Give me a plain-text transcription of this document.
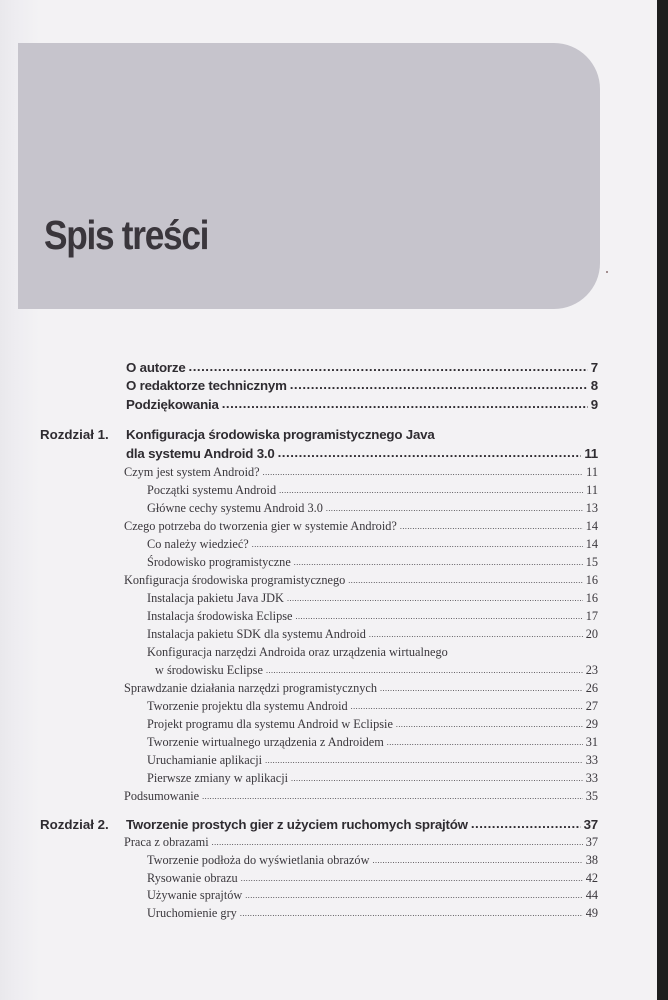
Spis treści
O autorze .....	7
O redaktorze technicznym .....	8
Podziękowania .....	9
Rozdział 1. Konfiguracja środowiska programistycznego Java
dla systemu Android 3.0 .....	11
Czym jest system Android? .....	11
Początki systemu Android .....	11
Główne cechy systemu Android 3.0 .....	13
Czego potrzeba do tworzenia gier w systemie Android? .....	14
Co należy wiedzieć? .....	14
Środowisko programistyczne .....	15
Konfiguracja środowiska programistycznego .....	16
Instalacja pakietu Java JDK .....	16
Instalacja środowiska Eclipse .....	17
Instalacja pakietu SDK dla systemu Android .....	20
Konfiguracja narzędzi Androida oraz urządzenia wirtualnego
w środowisku Eclipse .....	23
Sprawdzanie działania narzędzi programistycznych .....	26
Tworzenie projektu dla systemu Android .....	27
Projekt programu dla systemu Android w Eclipsie .....	29
Tworzenie wirtualnego urządzenia z Androidem .....	31
Uruchamianie aplikacji .....	33
Pierwsze zmiany w aplikacji .....	33
Podsumowanie .....	35
Rozdział 2. Tworzenie prostych gier z użyciem ruchomych sprajtów .....	37
Praca z obrazami .....	37
Tworzenie podłoża do wyświetlania obrazów .....	38
Rysowanie obrazu .....	42
Używanie sprajtów .....	44
Uruchomienie gry .....	49
